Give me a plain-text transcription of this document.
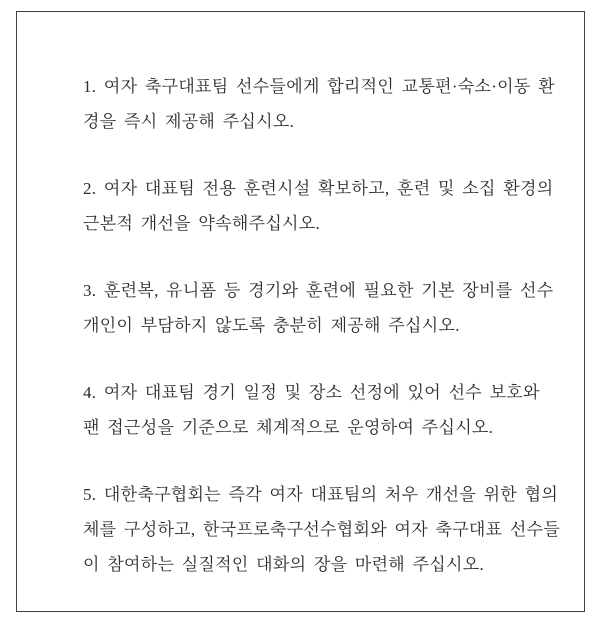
1. 여자 축구대표팀 선수들에게 합리적인 교통편·숙소·이동 환
경을 즉시 제공해 주십시오.
2. 여자 대표팀 전용 훈련시설 확보하고, 훈련 및 소집 환경의
근본적 개선을 약속해주십시오.
3. 훈련복, 유니폼 등 경기와 훈련에 필요한 기본 장비를 선수
개인이 부담하지 않도록 충분히 제공해 주십시오.
4. 여자 대표팀 경기 일정 및 장소 선정에 있어 선수 보호와
팬 접근성을 기준으로 체계적으로 운영하여 주십시오.
5. 대한축구협회는 즉각 여자 대표팀의 처우 개선을 위한 협의
체를 구성하고, 한국프로축구선수협회와 여자 축구대표 선수들
이 참여하는 실질적인 대화의 장을 마련해 주십시오.
